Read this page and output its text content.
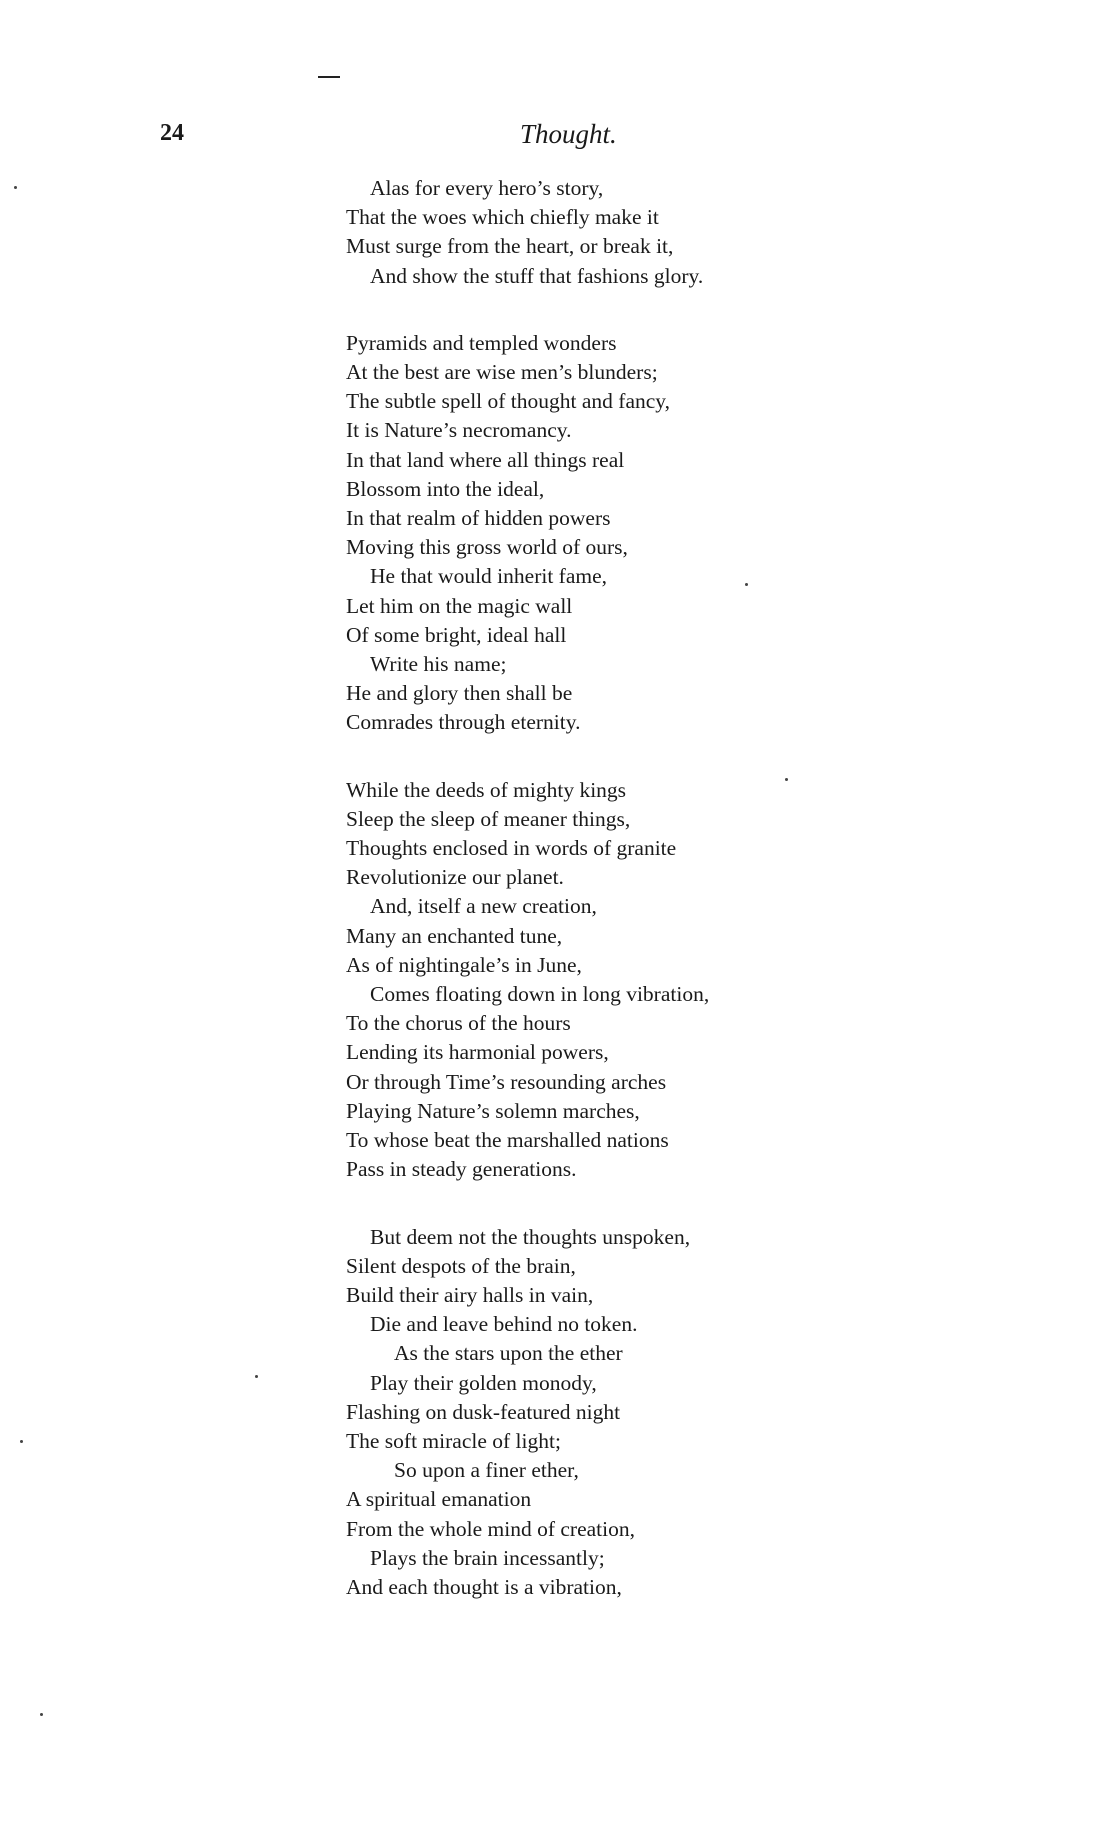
24	Thought.
Alas for every hero’s story,
That the woes which chiefly make it
Must surge from the heart, or break it,
And show the stuff that fashions glory.
Pyramids and templed wonders
At the best are wise men’s blunders;
The subtle spell of thought and fancy,
It is Nature’s necromancy.
In that land where all things real
Blossom into the ideal,
In that realm of hidden powers
Moving this gross world of ours,
He that would inherit fame,
Let him on the magic wall
Of some bright, ideal hall
Write his name;
He and glory then shall be
Comrades through eternity.
While the deeds of mighty kings
Sleep the sleep of meaner things,
Thoughts enclosed in words of granite
Revolutionize our planet.
And, itself a new creation,
Many an enchanted tune,
As of nightingale’s in June,
Comes floating down in long vibration,
To the chorus of the hours
Lending its harmonial powers,
Or through Time’s resounding arches
Playing Nature’s solemn marches,
To whose beat the marshalled nations
Pass in steady generations.
But deem not the thoughts unspoken,
Silent despots of the brain,
Build their airy halls in vain,
Die and leave behind no token.
As the stars upon the ether
Play their golden monody,
Flashing on dusk-featured night
The soft miracle of light;
So upon a finer ether,
A spiritual emanation
From the whole mind of creation,
Plays the brain incessantly;
And each thought is a vibration,
